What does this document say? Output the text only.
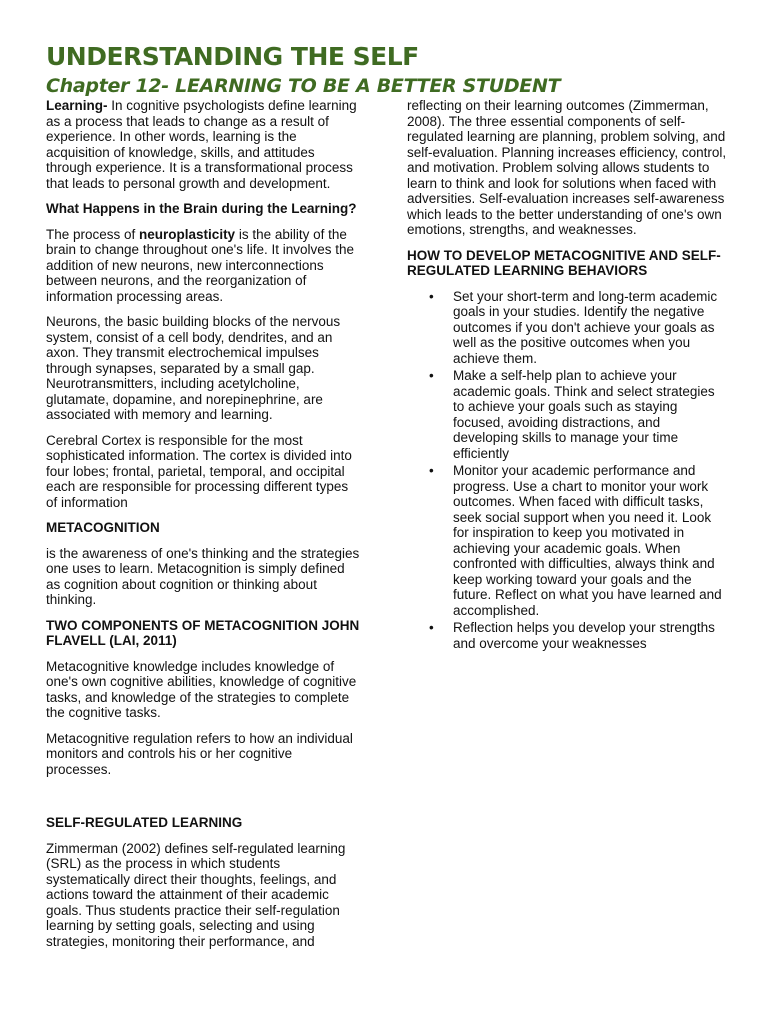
UNDERSTANDING THE SELF
Chapter 12- LEARNING TO BE A BETTER STUDENT

Learning- In cognitive psychologists define learning as a process that leads to change as a result of experience. In other words, learning is the acquisition of knowledge, skills, and attitudes through experience. It is a transformational process that leads to personal growth and development.

What Happens in the Brain during the Learning?

The process of neuroplasticity is the ability of the brain to change throughout one's life. It involves the addition of new neurons, new interconnections between neurons, and the reorganization of information processing areas.

Neurons, the basic building blocks of the nervous system, consist of a cell body, dendrites, and an axon. They transmit electrochemical impulses through synapses, separated by a small gap. Neurotransmitters, including acetylcholine, glutamate, dopamine, and norepinephrine, are associated with memory and learning.

Cerebral Cortex is responsible for the most sophisticated information. The cortex is divided into four lobes; frontal, parietal, temporal, and occipital each are responsible for processing different types of information

METACOGNITION

is the awareness of one's thinking and the strategies one uses to learn. Metacognition is simply defined as cognition about cognition or thinking about thinking.

TWO COMPONENTS OF METACOGNITION JOHN FLAVELL (LAI, 2011)

Metacognitive knowledge includes knowledge of one's own cognitive abilities, knowledge of cognitive tasks, and knowledge of the strategies to complete the cognitive tasks.

Metacognitive regulation refers to how an individual monitors and controls his or her cognitive processes.

SELF-REGULATED LEARNING

Zimmerman (2002) defines self-regulated learning (SRL) as the process in which students systematically direct their thoughts, feelings, and actions toward the attainment of their academic goals. Thus students practice their self-regulation learning by setting goals, selecting and using strategies, monitoring their performance, and

reflecting on their learning outcomes (Zimmerman, 2008). The three essential components of self-regulated learning are planning, problem solving, and self-evaluation. Planning increases efficiency, control, and motivation. Problem solving allows students to learn to think and look for solutions when faced with adversities. Self-evaluation increases self-awareness which leads to the better understanding of one's own emotions, strengths, and weaknesses.

HOW TO DEVELOP METACOGNITIVE AND SELF-REGULATED LEARNING BEHAVIORS
• Set your short-term and long-term academic goals in your studies. Identify the negative outcomes if you don't achieve your goals as well as the positive outcomes when you achieve them.
• Make a self-help plan to achieve your academic goals. Think and select strategies to achieve your goals such as staying focused, avoiding distractions, and developing skills to manage your time efficiently
• Monitor your academic performance and progress. Use a chart to monitor your work outcomes. When faced with difficult tasks, seek social support when you need it. Look for inspiration to keep you motivated in achieving your academic goals. When confronted with difficulties, always think and keep working toward your goals and the future. Reflect on what you have learned and accomplished.
• Reflection helps you develop your strengths and overcome your weaknesses
